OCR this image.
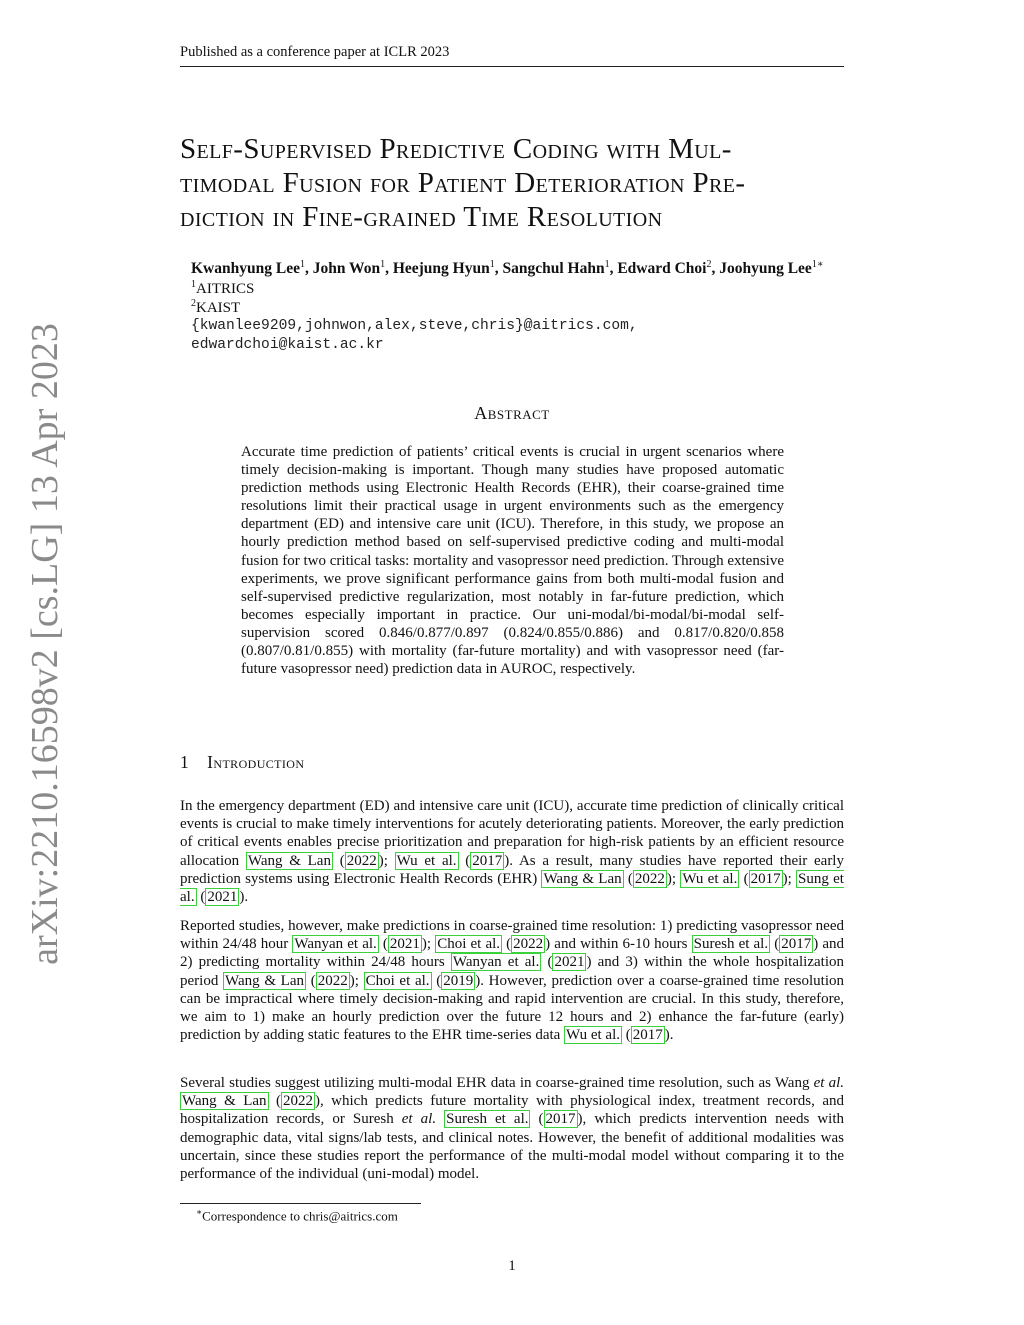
Published as a conference paper at ICLR 2023
arXiv:2210.16598v2 [cs.LG] 13 Apr 2023
Self-Supervised Predictive Coding with Mul-
timodal Fusion for Patient Deterioration Pre-
diction in Fine-grained Time Resolution
Kwanhyung Lee$^1$, John Won$^1$, Heejung Hyun$^1$, Sangchul Hahn$^1$, Edward Choi$^2$, Joohyung Lee$^{1∗}$
$^1$AITRICS
$^2$KAIST
{kwanlee9209,johnwon,alex,steve,chris}@aitrics.com,
edwardchoi@kaist.ac.kr
Abstract

Accurate time prediction of patients’ critical events is crucial in urgent scenarios where timely decision-making is important. Though many studies have proposed automatic prediction methods using Electronic Health Records (EHR), their coarse-grained time resolutions limit their practical usage in urgent environments such as the emergency department (ED) and intensive care unit (ICU). Therefore, in this study, we propose an hourly prediction method based on self-supervised predictive coding and multi-modal fusion for two critical tasks: mortality and vasopressor need prediction. Through extensive experiments, we prove significant performance gains from both multi-modal fusion and self-supervised predictive regularization, most notably in far-future prediction, which becomes especially important in practice. Our uni-modal/bi-modal/bi-modal self-supervision scored 0.846/0.877/0.897 (0.824/0.855/0.886) and 0.817/0.820/0.858 (0.807/0.81/0.855) with mortality (far-future mortality) and with vasopressor need (far-future vasopressor need) prediction data in AUROC, respectively.

1 Introduction

In the emergency department (ED) and intensive care unit (ICU), accurate time prediction of clinically critical events is crucial to make timely interventions for acutely deteriorating patients. Moreover, the early prediction of critical events enables precise prioritization and preparation for high-risk patients by an efficient resource allocation Wang & Lan ( 2022 ); Wu et al. ( 2017 ). As a result, many studies have reported their early prediction systems using Electronic Health Records (EHR) Wang & Lan ( 2022 ); Wu et al. ( 2017 ); Sung et al. ( 2021 ).

Reported studies, however, make predictions in coarse-grained time resolution: 1) predicting vasopressor need within 24/48 hour Wanyan et al. ( 2021 ); Choi et al. ( 2022 ) and within 6-10 hours Suresh et al. ( 2017 ) and 2) predicting mortality within 24/48 hours Wanyan et al. ( 2021 ) and 3) within the whole hospitalization period Wang & Lan ( 2022 ); Choi et al. ( 2019 ). However, prediction over a coarse-grained time resolution can be impractical where timely decision-making and rapid intervention are crucial. In this study, therefore, we aim to 1) make an hourly prediction over the future 12 hours and 2) enhance the far-future (early) prediction by adding static features to the EHR time-series data Wu et al. ( 2017 ).

Several studies suggest utilizing multi-modal EHR data in coarse-grained time resolution, such as Wang et al. Wang & Lan ( 2022 ), which predicts future mortality with physiological index, treatment records, and hospitalization records, or Suresh et al. Suresh et al. ( 2017 ), which predicts intervention needs with demographic data, vital signs/lab tests, and clinical notes. However, the benefit of additional modalities was uncertain, since these studies report the performance of the multi-modal model without comparing it to the performance of the individual (uni-modal) model.

∗Correspondence to chris@aitrics.com
1
